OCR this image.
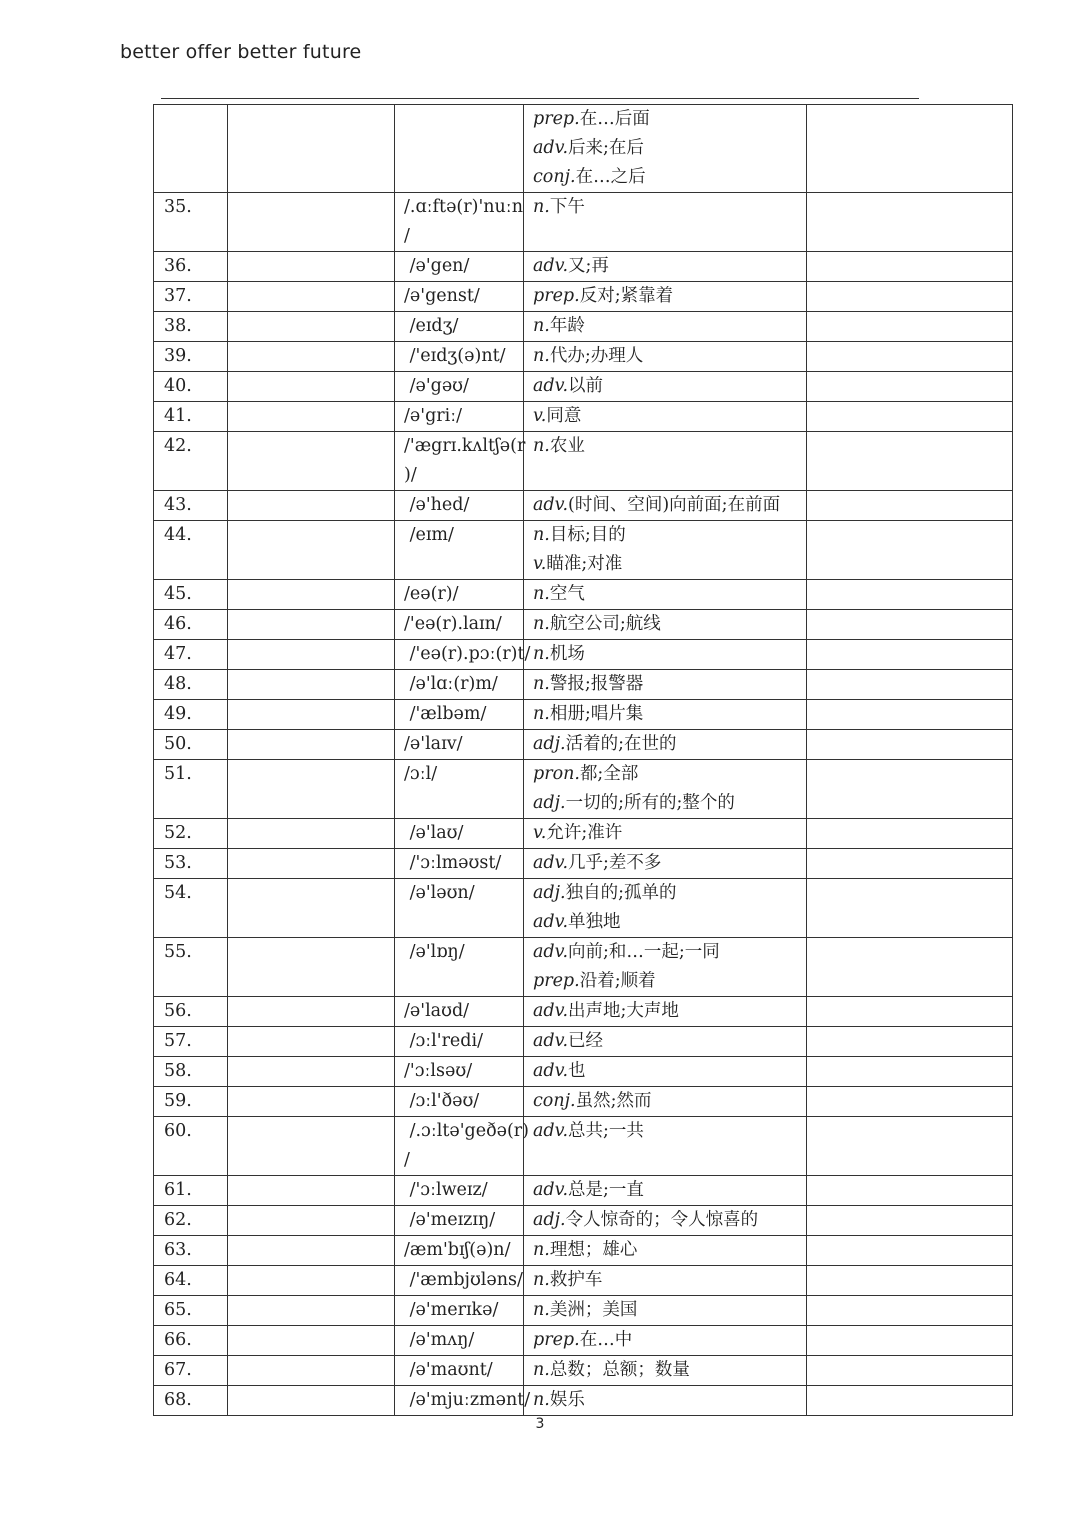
better offer better future

			prep.在…后面
adv.后来;在后
conj.在…之后	

35.		/.ɑːftə(r)'nuːn
/	n.下午	

36.		/ə'gen/	adv.又;再	

37.		/ə'genst/	prep.反对;紧靠着	

38.		/eɪdʒ/	n.年龄	

39.		/'eɪdʒ(ə)nt/	n.代办;办理人	

40.		/ə'gəʊ/	adv.以前	

41.		/ə'griː/	v.同意	

42.		/'ægrɪ.kʌltʃə(r
)/	n.农业	

43.		/ə'hed/	adv.(时间、空间)向前面;在前面	

44.		/eɪm/	n.目标;目的
v.瞄准;对准	

45.		/eə(r)/	n.空气	

46.		/'eə(r).laɪn/	n.航空公司;航线	

47.		/'eə(r).pɔː(r)t/	n.机场	

48.		/ə'lɑː(r)m/	n.警报;报警器	

49.		/'ælbəm/	n.相册;唱片集	

50.		/ə'laɪv/	adj.活着的;在世的	

51.		/ɔːl/	pron.都;全部
adj.一切的;所有的;整个的	

52.		/ə'laʊ/	v.允许;准许	

53.		/'ɔːlməʊst/	adv.几乎;差不多	

54.		/ə'ləʊn/	adj.独自的;孤单的
adv.单独地	

55.		/ə'lɒŋ/	adv.向前;和…一起;一同
prep.沿着;顺着	

56.		/ə'laʊd/	adv.出声地;大声地	

57.		/ɔːl'redi/	adv.已经	

58.		/'ɔːlsəʊ/	adv.也	

59.		/ɔːl'ðəʊ/	conj.虽然;然而	

60.		/.ɔːltə'geðə(r)
/	adv.总共;一共	

61.		/'ɔːlweɪz/	adv.总是;一直	

62.		/ə'meɪzɪŋ/	adj.令人惊奇的；令人惊喜的	

63.		/æm'bɪʃ(ə)n/	n.理想；雄心	

64.		/'æmbjʊləns/	n.救护车	

65.		/ə'merɪkə/	n.美洲；美国	

66.		/ə'mʌŋ/	prep.在…中	

67.		/ə'maʊnt/	n.总数；总额；数量	

68.		/ə'mjuːzmənt/	n.娱乐	

3
